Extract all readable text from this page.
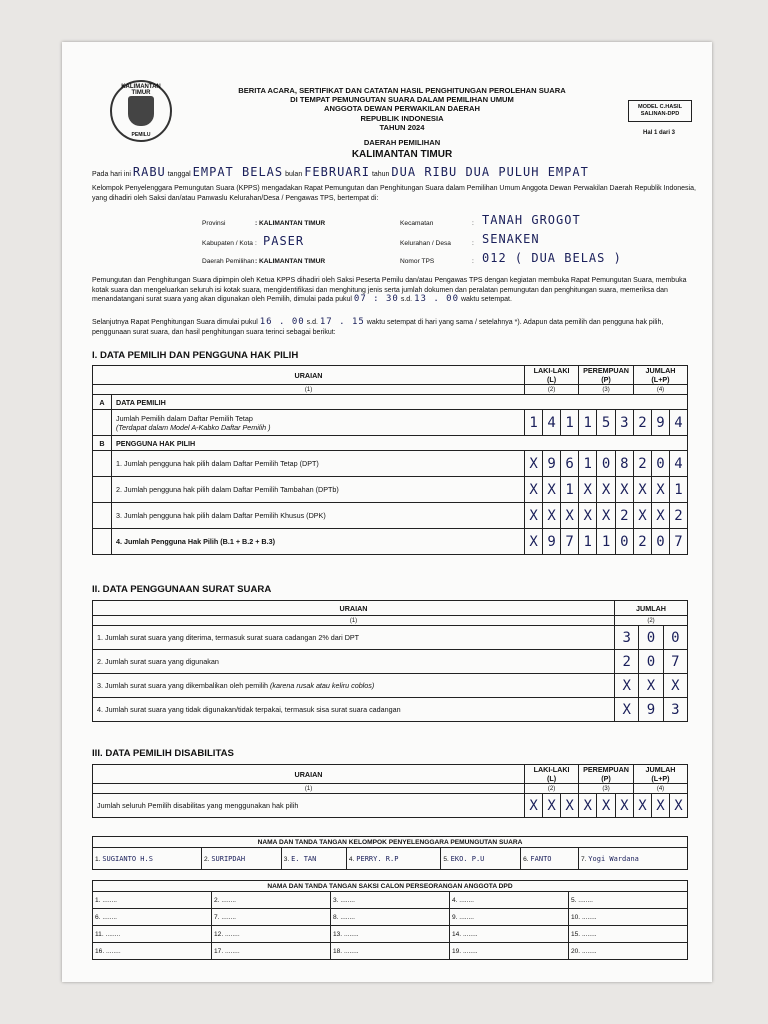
KALIMANTAN TIMUR
PEMILU
BERITA ACARA, SERTIFIKAT DAN CATATAN HASIL PENGHITUNGAN PEROLEHAN SUARA
DI TEMPAT PEMUNGUTAN SUARA DALAM PEMILIHAN UMUM
ANGGOTA DEWAN PERWAKILAN DAERAH
REPUBLIK INDONESIA
TAHUN 2024
DAERAH PEMILIHAN
KALIMANTAN TIMUR
MODEL C.HASIL SALINAN-DPD
Hal 1 dari 3
Pada hari ini RABU tanggal EMPAT BELAS bulan FEBRUARI tahun DUA RIBU DUA PULUH EMPAT
Kelompok Penyelenggara Pemungutan Suara (KPPS) mengadakan Rapat Pemungutan dan Penghitungan Suara dalam Pemilihan Umum Anggota Dewan Perwakilan Daerah Republik Indonesia, yang dihadiri oleh Saksi dan/atau Panwaslu Kelurahan/Desa / Pengawas TPS, bertempat di:
Provinsi	: KALIMANTAN TIMUR
Kabupaten / Kota : PASER
Daerah Pemilihan : KALIMANTAN TIMUR
Kecamatan	: TANAH GROGOT
Kelurahan / Desa	: SENAKEN
Nomor TPS	: 012 ( DUA BELAS )
Pemungutan dan Penghitungan Suara dipimpin oleh Ketua KPPS dihadiri oleh Saksi Peserta Pemilu dan/atau Pengawas TPS dengan kegiatan membuka Rapat Pemungutan Suara, membuka kotak suara dan mengeluarkan seluruh isi kotak suara, mengidentifikasi dan menghitung jenis serta jumlah dokumen dan peralatan pemungutan dan penghitungan suara, memeriksa dan menandatangani surat suara yang akan digunakan oleh Pemilih, dimulai pada pukul 07 : 30 s.d. 13 . 00 waktu setempat.
Selanjutnya Rapat Penghitungan Suara dimulai pukul 16 . 00 s.d. 17 . 15 waktu setempat di hari yang sama / setelahnya *). Adapun data pemilih dan pengguna hak pilih, penggunaan surat suara, dan hasil penghitungan suara terinci sebagai berikut:
I. DATA PEMILIH DAN PENGGUNA HAK PILIH
URAIAN		LAKI-LAKI (L)			PEREMPUAN (P)			JUMLAH (L+P)		
(1)		(2)			(3)			(4)		
A	DATA PEMILIH									

	Jumlah Pemilih dalam Daftar Pemilih Tetap
(Terdapat dalam Model A-Kabko Daftar Pemilih )	1	4	1	1	5	3	2	9	4
B	PENGGUNA HAK PILIH									
	1. Jumlah pengguna hak pilih dalam Daftar Pemilih Tetap (DPT)	X	9	6	1	0	8	2	0	4
	2. Jumlah pengguna hak pilih dalam Daftar Pemilih Tambahan (DPTb)	X	X	1	X	X	X	X	X	1
	3. Jumlah pengguna hak pilih dalam Daftar Pemilih Khusus (DPK)	X	X	X	X	X	2	X	X	2
	4. Jumlah Pengguna Hak Pilih (B.1 + B.2 + B.3)	X	9	7	1	1	0	2	0	7
II. DATA PENGGUNAAN SURAT SUARA
URAIAN	JUMLAH		
(1)	(2)		
1. Jumlah surat suara yang diterima, termasuk surat suara cadangan 2% dari DPT	3	0	0
2. Jumlah surat suara yang digunakan	2	0	7
3. Jumlah surat suara yang dikembalikan oleh pemilih (karena rusak atau keliru coblos)	X	X	X
4. Jumlah surat suara yang tidak digunakan/tidak terpakai, termasuk sisa surat suara cadangan	X	9	3
III. DATA PEMILIH DISABILITAS
URAIAN	LAKI-LAKI (L)			PEREMPUAN (P)			JUMLAH (L+P)		
(1)	(2)			(3)			(4)		
Jumlah seluruh Pemilih disabilitas yang menggunakan hak pilih	X	X	X	X	X	X	X	X	X
NAMA DAN TANDA TANGAN KELOMPOK PENYELENGGARA PEMUNGUTAN SUARA
1. SUGIANTO H.S	2. SURIPDAH	3. E. TAN	4. PERRY. R.P	5. EKO. P.U	6. FANTO	7. Yogi Wardana
NAMA DAN TANDA TANGAN SAKSI CALON PERSEORANGAN ANGGOTA DPD				
1. ........	2. ........	3. ........	4. ........	5. ........
6. ........	7. ........	8. ........	9. ........	10. ........
11. ........	12. ........	13. ........	14. ........	15. ........
16. ........	17. ........	18. ........	19. ........	20. ........
